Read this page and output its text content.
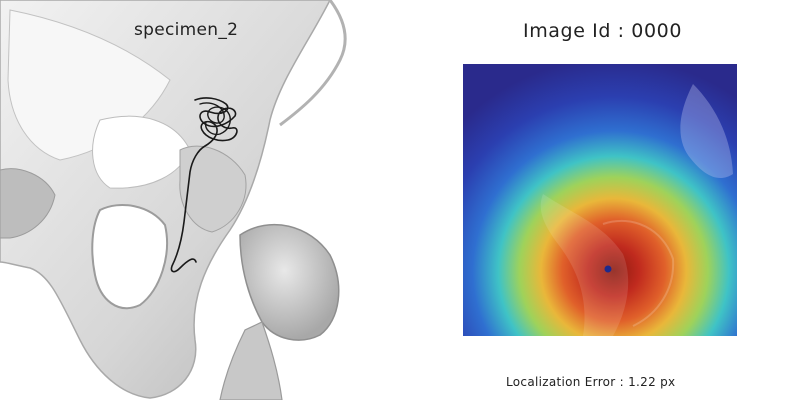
specimen_2	Image Id : 0000
Localization Error : 1.22 px
